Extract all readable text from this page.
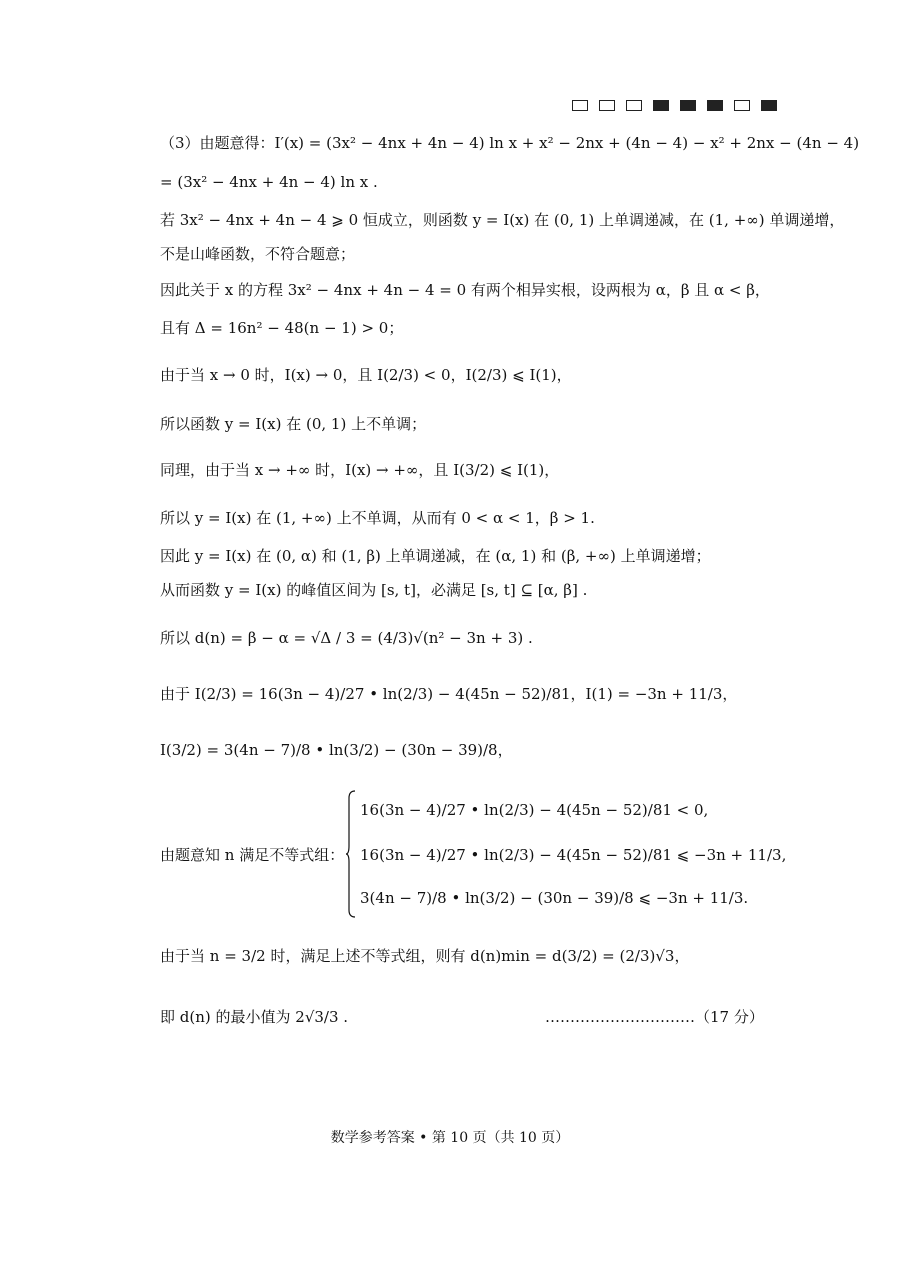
（3）由题意得：I′(x) = (3x² − 4nx + 4n − 4) ln x + x² − 2nx + (4n − 4) − x² + 2nx − (4n − 4)
= (3x² − 4nx + 4n − 4) ln x .
若 3x² − 4nx + 4n − 4 ⩾ 0 恒成立，则函数 y = I(x) 在 (0, 1) 上单调递减，在 (1, +∞) 单调递增，
不是山峰函数，不符合题意；
因此关于 x 的方程 3x² − 4nx + 4n − 4 = 0 有两个相异实根，设两根为 α，β 且 α < β，
且有 Δ = 16n² − 48(n − 1) > 0；
由于当 x → 0 时，I(x) → 0，且 I(2/3) < 0，I(2/3) ⩽ I(1)，
所以函数 y = I(x) 在 (0, 1) 上不单调；
同理，由于当 x → +∞ 时，I(x) → +∞，且 I(3/2) ⩽ I(1)，
所以 y = I(x) 在 (1, +∞) 上不单调，从而有 0 < α < 1，β > 1.
因此 y = I(x) 在 (0, α) 和 (1, β) 上单调递减，在 (α, 1) 和 (β, +∞) 上单调递增；
从而函数 y = I(x) 的峰值区间为 [s, t]，必满足 [s, t] ⊆ [α, β] .
所以 d(n) = β − α = √Δ / 3 = (4/3)√(n² − 3n + 3) .
由于 I(2/3) = 16(3n − 4)/27 • ln(2/3) − 4(45n − 52)/81，I(1) = −3n + 11/3，
I(3/2) = 3(4n − 7)/8 • ln(3/2) − (30n − 39)/8，
由题意知 n 满足不等式组：
16(3n − 4)/27 • ln(2/3) − 4(45n − 52)/81 < 0,
16(3n − 4)/27 • ln(2/3) − 4(45n − 52)/81 ⩽ −3n + 11/3,
3(4n − 7)/8 • ln(3/2) − (30n − 39)/8 ⩽ −3n + 11/3.
由于当 n = 3/2 时，满足上述不等式组，则有 d(n)min = d(3/2) = (2/3)√3，
即 d(n) 的最小值为 2√3/3 .	…………………………（17 分）
数学参考答案 • 第 10 页（共 10 页）
